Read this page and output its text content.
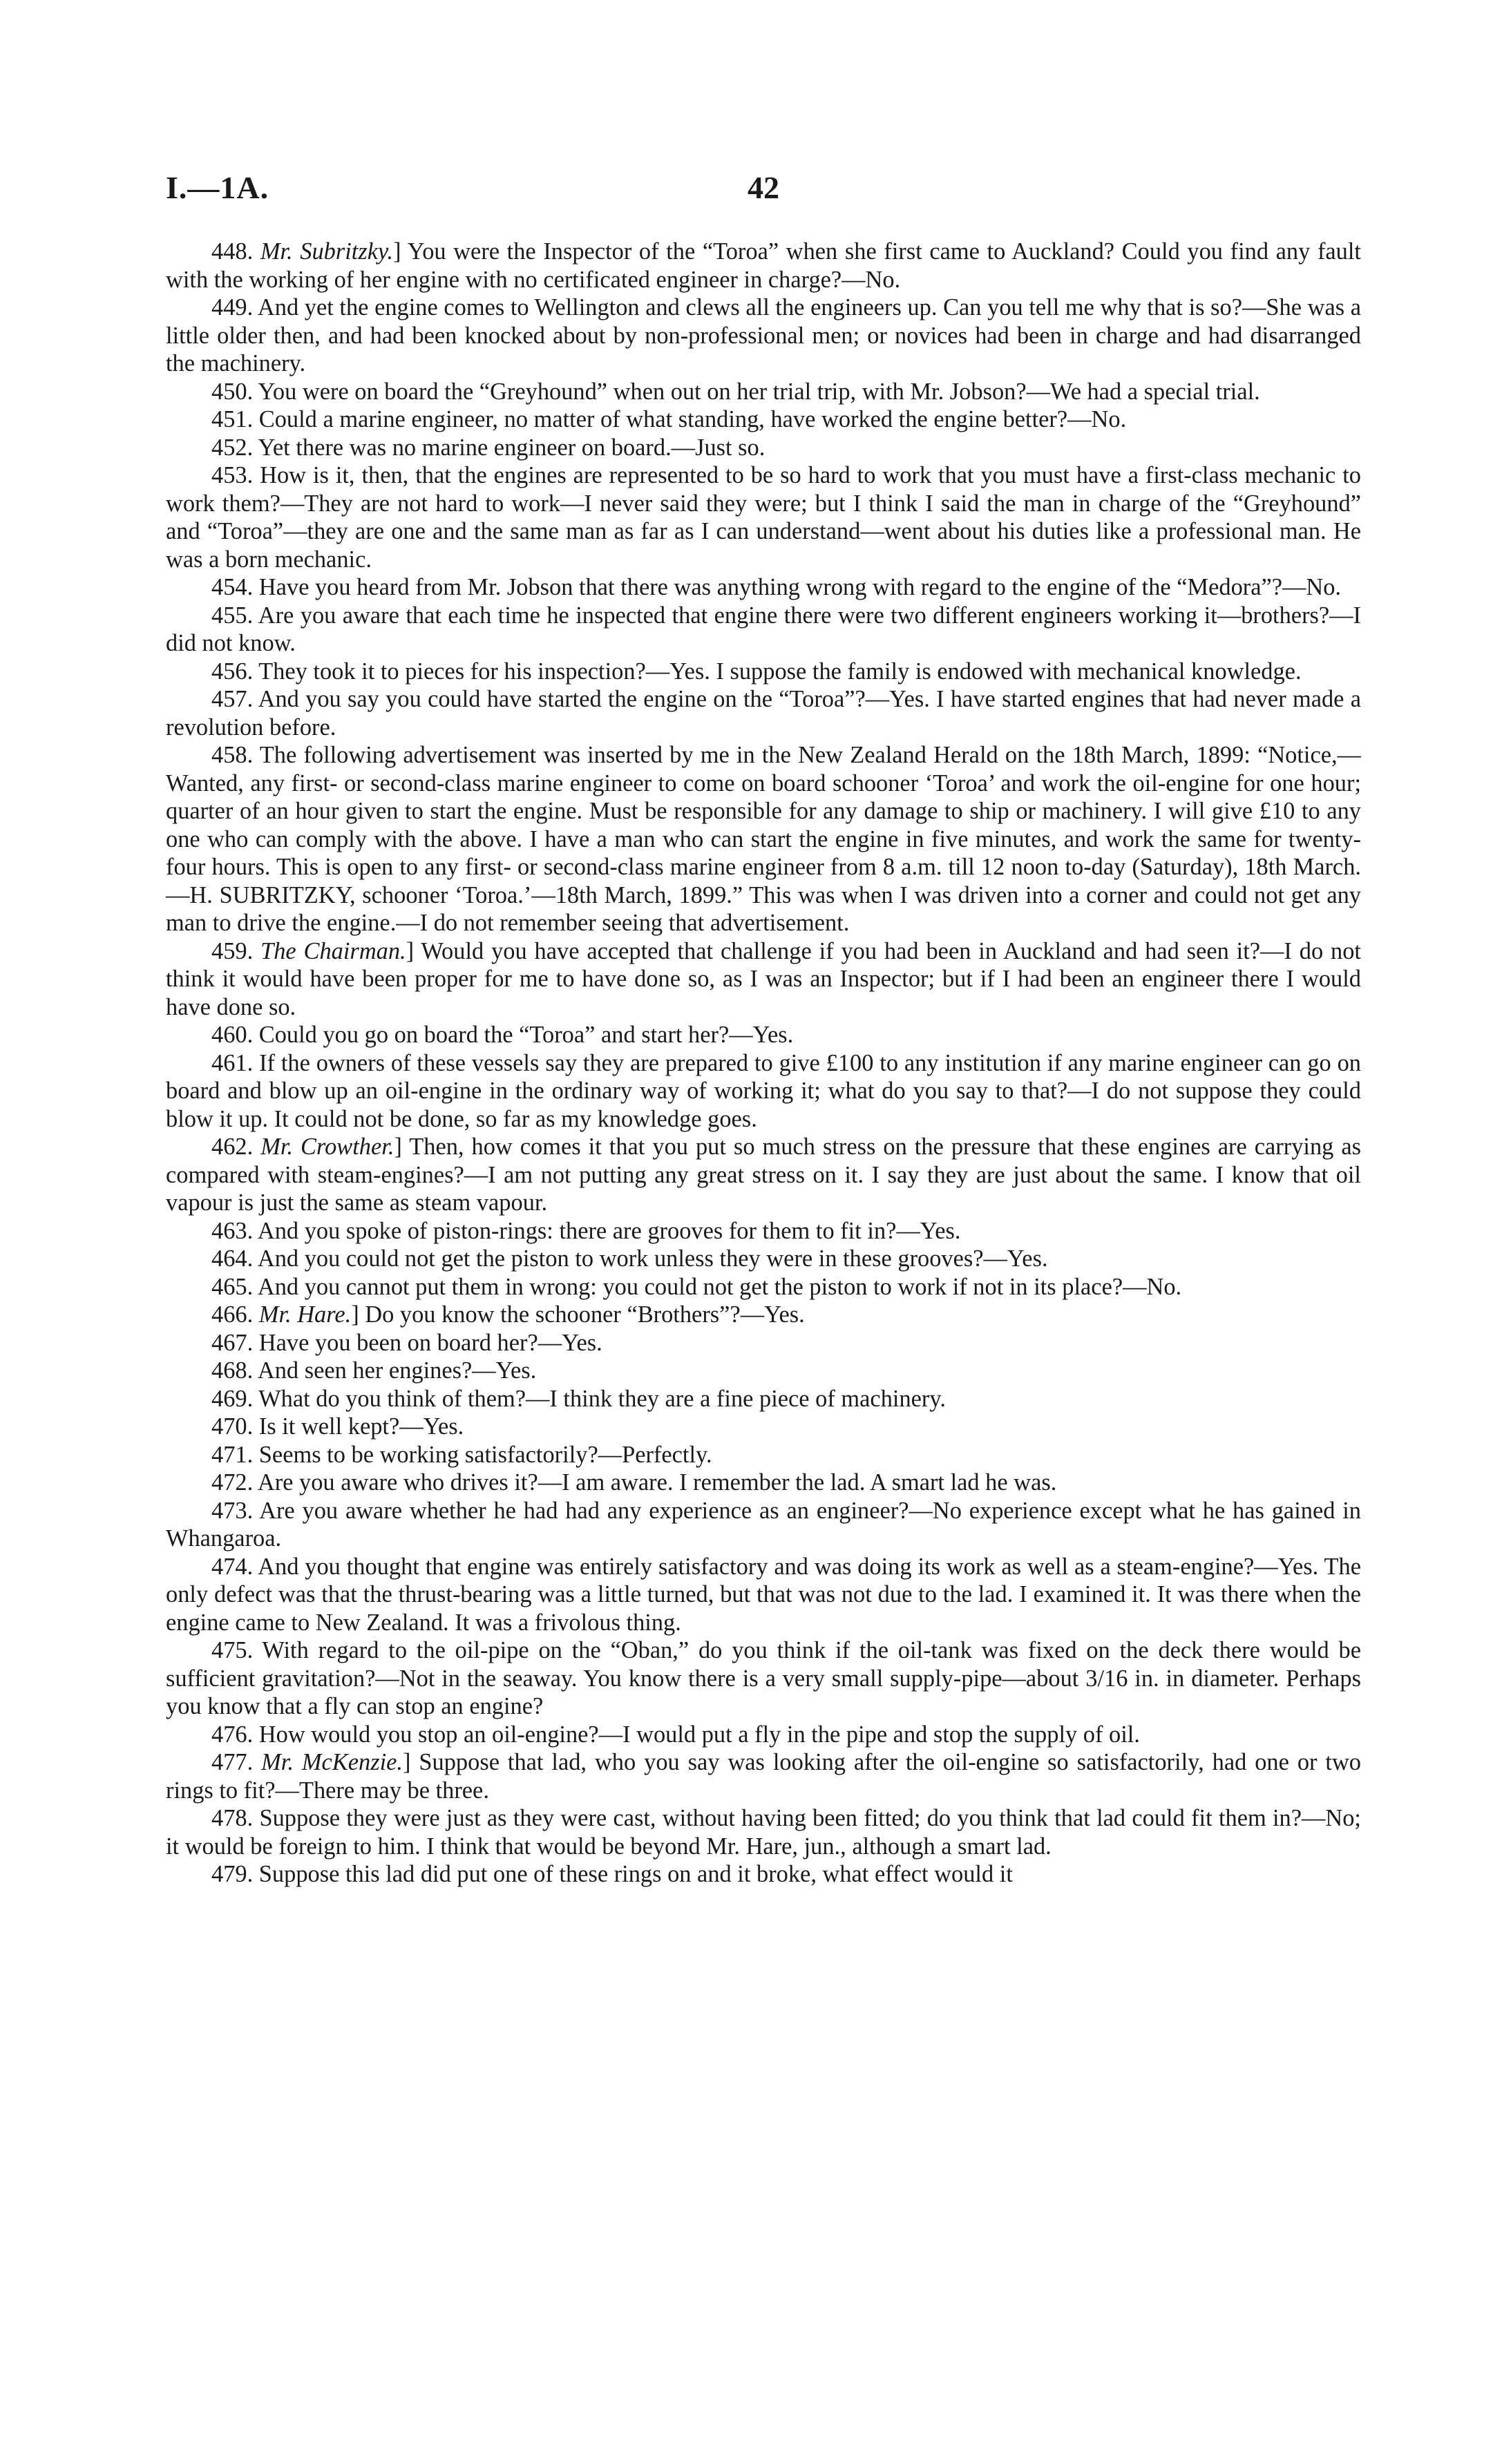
I.—1A.	42

448. Mr. Subritzky.] You were the Inspector of the “Toroa” when she first came to Auckland? Could you find any fault with the working of her engine with no certificated engineer in charge?—No.

449. And yet the engine comes to Wellington and clews all the engineers up. Can you tell me why that is so?—She was a little older then, and had been knocked about by non-professional men; or novices had been in charge and had disarranged the machinery.

450. You were on board the “Greyhound” when out on her trial trip, with Mr. Jobson?—We had a special trial.

451. Could a marine engineer, no matter of what standing, have worked the engine better?—No.

452. Yet there was no marine engineer on board.—Just so.

453. How is it, then, that the engines are represented to be so hard to work that you must have a first-class mechanic to work them?—They are not hard to work—I never said they were; but I think I said the man in charge of the “Greyhound” and “Toroa”—they are one and the same man as far as I can understand—went about his duties like a professional man. He was a born mechanic.

454. Have you heard from Mr. Jobson that there was anything wrong with regard to the engine of the “Medora”?—No.

455. Are you aware that each time he inspected that engine there were two different engineers working it—brothers?—I did not know.

456. They took it to pieces for his inspection?—Yes. I suppose the family is endowed with mechanical knowledge.

457. And you say you could have started the engine on the “Toroa”?—Yes. I have started engines that had never made a revolution before.

458. The following advertisement was inserted by me in the New Zealand Herald on the 18th March, 1899: “Notice,—Wanted, any first- or second-class marine engineer to come on board schooner ‘Toroa’ and work the oil-engine for one hour; quarter of an hour given to start the engine. Must be responsible for any damage to ship or machinery. I will give £10 to any one who can comply with the above. I have a man who can start the engine in five minutes, and work the same for twenty-four hours. This is open to any first- or second-class marine engineer from 8 a.m. till 12 noon to-day (Saturday), 18th March.—H. SUBRITZKY, schooner ‘Toroa.’—18th March, 1899.” This was when I was driven into a corner and could not get any man to drive the engine.—I do not remember seeing that advertisement.

459. The Chairman.] Would you have accepted that challenge if you had been in Auckland and had seen it?—I do not think it would have been proper for me to have done so, as I was an Inspector; but if I had been an engineer there I would have done so.

460. Could you go on board the “Toroa” and start her?—Yes.

461. If the owners of these vessels say they are prepared to give £100 to any institution if any marine engineer can go on board and blow up an oil-engine in the ordinary way of working it; what do you say to that?—I do not suppose they could blow it up. It could not be done, so far as my knowledge goes.

462. Mr. Crowther.] Then, how comes it that you put so much stress on the pressure that these engines are carrying as compared with steam-engines?—I am not putting any great stress on it. I say they are just about the same. I know that oil vapour is just the same as steam vapour.

463. And you spoke of piston-rings: there are grooves for them to fit in?—Yes.

464. And you could not get the piston to work unless they were in these grooves?—Yes.

465. And you cannot put them in wrong: you could not get the piston to work if not in its place?—No.

466. Mr. Hare.] Do you know the schooner “Brothers”?—Yes.

467. Have you been on board her?—Yes.

468. And seen her engines?—Yes.

469. What do you think of them?—I think they are a fine piece of machinery.

470. Is it well kept?—Yes.

471. Seems to be working satisfactorily?—Perfectly.

472. Are you aware who drives it?—I am aware. I remember the lad. A smart lad he was.

473. Are you aware whether he had had any experience as an engineer?—No experience except what he has gained in Whangaroa.

474. And you thought that engine was entirely satisfactory and was doing its work as well as a steam-engine?—Yes. The only defect was that the thrust-bearing was a little turned, but that was not due to the lad. I examined it. It was there when the engine came to New Zealand. It was a frivolous thing.

475. With regard to the oil-pipe on the “Oban,” do you think if the oil-tank was fixed on the deck there would be sufficient gravitation?—Not in the seaway. You know there is a very small supply-pipe—about 3/16 in. in diameter. Perhaps you know that a fly can stop an engine?

476. How would you stop an oil-engine?—I would put a fly in the pipe and stop the supply of oil.

477. Mr. McKenzie.] Suppose that lad, who you say was looking after the oil-engine so satisfactorily, had one or two rings to fit?—There may be three.

478. Suppose they were just as they were cast, without having been fitted; do you think that lad could fit them in?—No; it would be foreign to him. I think that would be beyond Mr. Hare, jun., although a smart lad.

479. Suppose this lad did put one of these rings on and it broke, what effect would it
